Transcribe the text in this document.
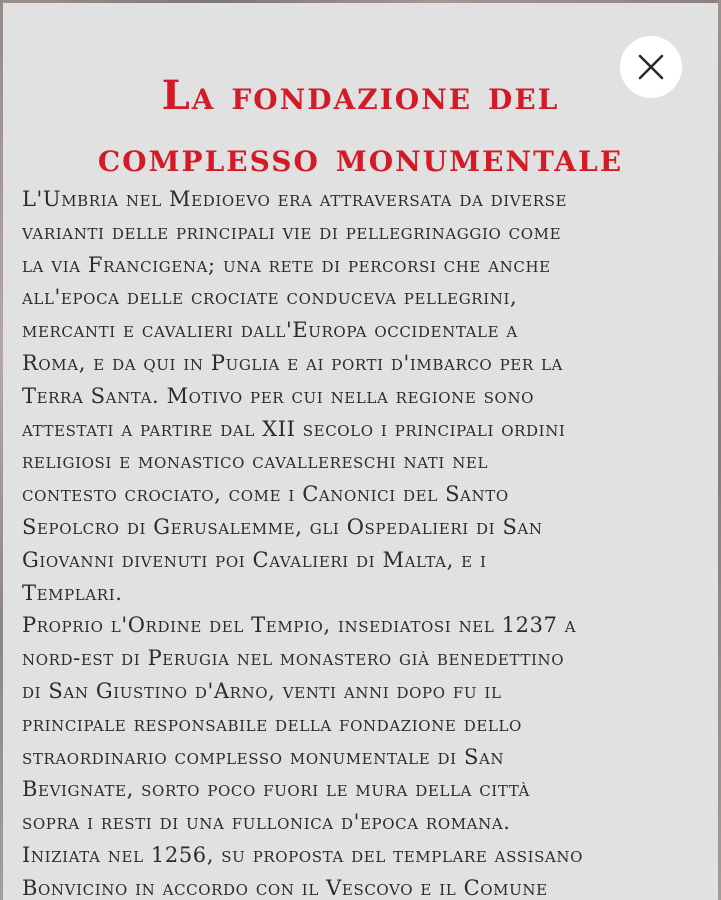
La fondazione del
complesso monumentale

L'Umbria nel Medioevo era attraversata da diverse

varianti delle principali vie di pellegrinaggio come

la via Francigena; una rete di percorsi che anche

all'epoca delle crociate conduceva pellegrini,

mercanti e cavalieri dall'Europa occidentale a

Roma, e da qui in Puglia e ai porti d'imbarco per la

Terra Santa. Motivo per cui nella regione sono

attestati a partire dal XII secolo i principali ordini

religiosi e monastico cavallereschi nati nel

contesto crociato, come i Canonici del Santo

Sepolcro di Gerusalemme, gli Ospedalieri di San

Giovanni divenuti poi Cavalieri di Malta, e i

Templari.

Proprio l'Ordine del Tempio, insediatosi nel 1237 a

nord-est di Perugia nel monastero già benedettino

di San Giustino d'Arno, venti anni dopo fu il

principale responsabile della fondazione dello

straordinario complesso monumentale di San

Bevignate, sorto poco fuori le mura della città

sopra i resti di una fullonica d'epoca romana.

Iniziata nel 1256, su proposta del templare assisano

Bonvicino in accordo con il Vescovo e il Comune
